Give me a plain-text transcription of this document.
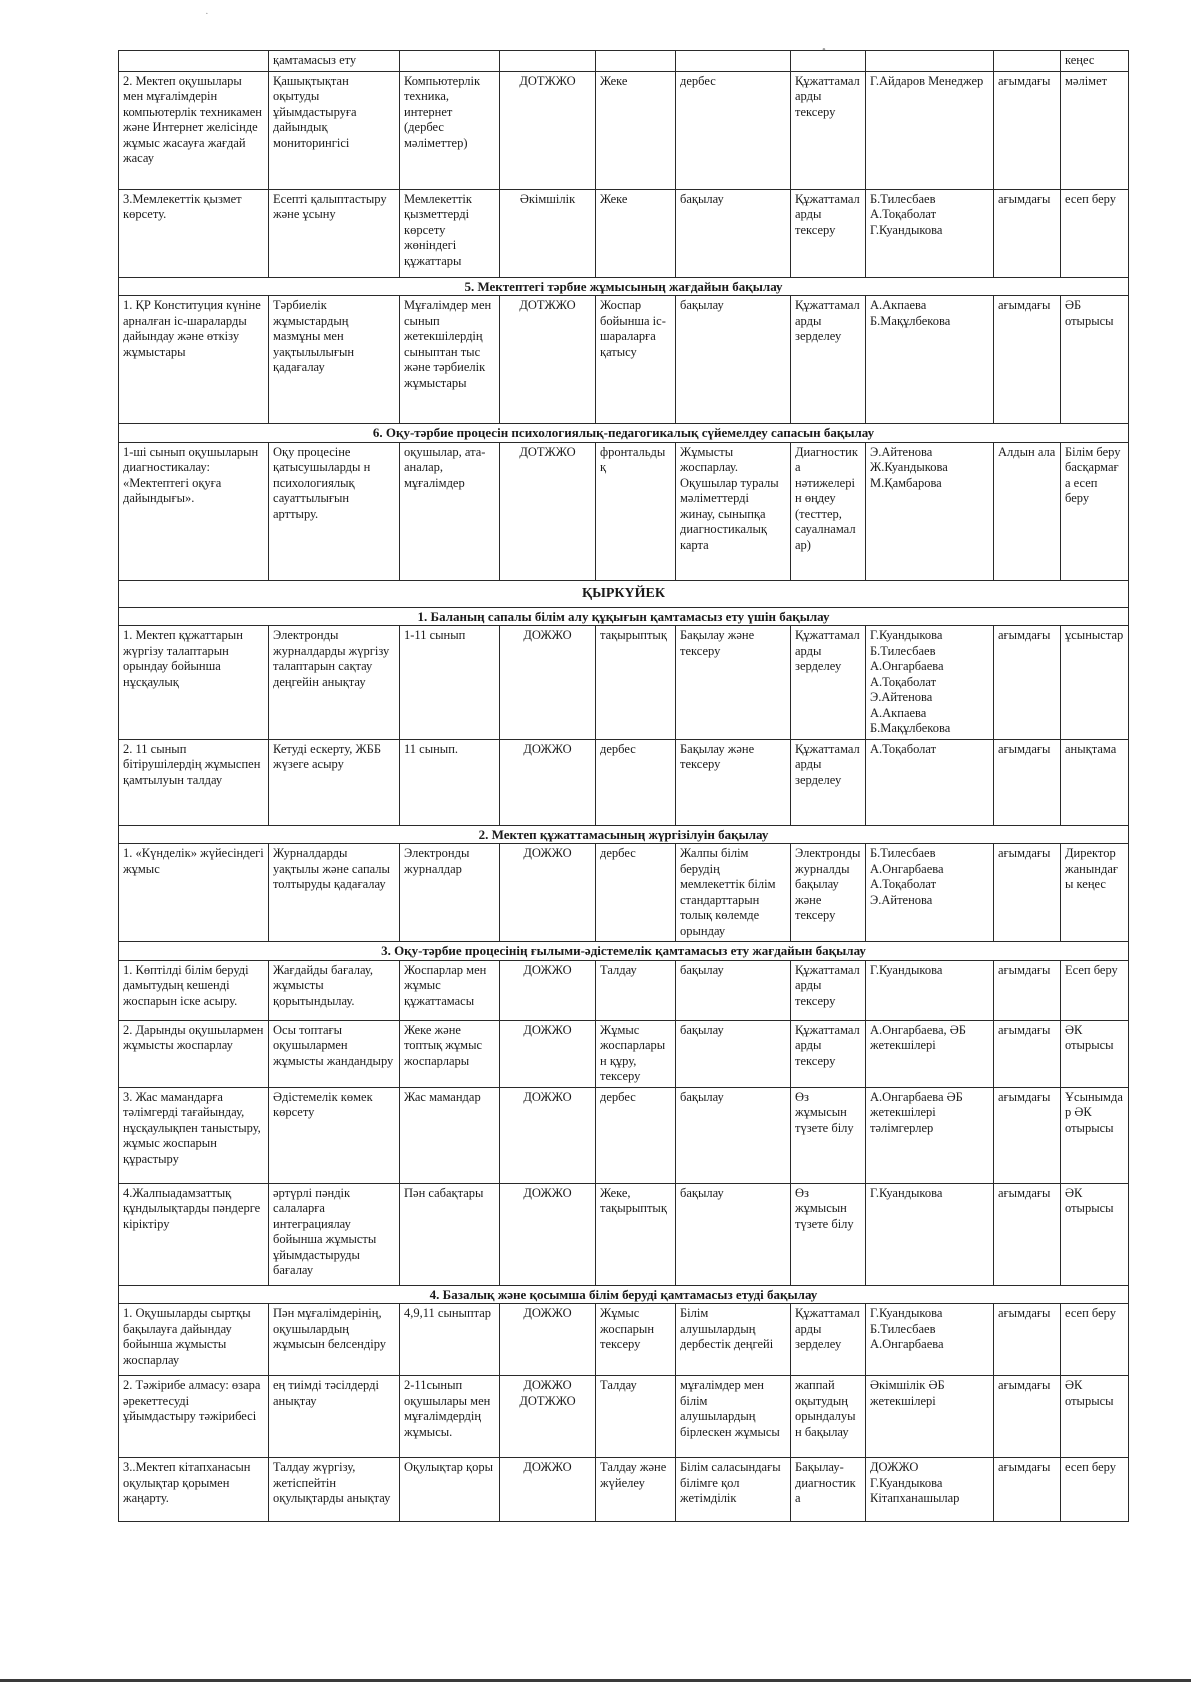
·
•
	қамтамасыз ету								кеңес
2. Мектеп оқушылары мен мұғалімдерін компьютерлік техникамен және Интернет желісінде жұмыс жасауға жағдай жасау	Қашықтықтан оқытуды ұйымдастыруға дайындық мониторингісі	Компьютерлік техника, интернет (дербес мәліметтер)	ДОТЖЖО	Жеке	дербес	Құжаттамаларды тексеру	Г.Айдаров Менеджер	ағымдағы	мәлімет
3.Мемлекеттік қызмет көрсету.	Есепті қалыптастыру және ұсыну	Мемлекеттік қызметтерді көрсету жөніндегі құжаттары	Әкімшілік	Жеке	бақылау	Құжаттамаларды тексеру	Б.Тилесбаев А.Тоқаболат Г.Куандыкова	ағымдағы	есеп беру
5. Мектептегі тәрбие жұмысының жағдайын бақылау									
1. ҚР Конституция күніне арналған іс-шараларды дайындау және өткізу жұмыстары	Тәрбиелік жұмыстардың мазмұны мен уақтылылығын қадағалау	Мұғалімдер мен сынып жетекшілердің сыныптан тыс және тәрбиелік жұмыстары	ДОТЖЖО	Жоспар бойынша іс-шараларға қатысу	бақылау	Құжаттамаларды зерделеу	А.Акпаева Б.Мақұлбекова	ағымдағы	ӘБ отырысы
6. Оқу-тәрбие процесін психологиялық-педагогикалық сүйемелдеу сапасын бақылау									
1-ші сынып оқушыларын диагностикалау: «Мектептегі оқуға дайындығы».	Оқу процесіне қатысушыларды н психологиялық сауаттылығын арттыру.	оқушылар, ата-аналар, мұғалімдер	ДОТЖЖО	фронтальдық	Жұмысты жоспарлау. Оқушылар туралы мәліметтерді жинау, сыныпқа диагностикалық карта	Диагностика нәтижелерін өңдеу (тесттер, сауалнамалар)	Э.Айтенова Ж.Куандыкова М.Қамбарова	Алдын ала	Білім беру басқармаға есеп беру
ҚЫРКҮЙЕК									
1. Баланың сапалы білім алу құқығын қамтамасыз ету үшін бақылау									
1. Мектеп құжаттарын жүргізу талаптарын орындау бойынша нұсқаулық	Электронды журналдарды жүргізу талаптарын сақтау деңгейін анықтау	1-11 сынып	ДОЖЖО	тақырыптық	Бақылау және тексеру	Құжаттамаларды зерделеу	Г.Куандыкова Б.Тилесбаев А.Онгарбаева А.Тоқаболат Э.Айтенова А.Акпаева Б.Мақұлбекова	ағымдағы	ұсыныстар
2. 11 сынып бітірушілердің жұмыспен қамтылуын талдау	Кетуді ескерту, ЖББ жүзеге асыру	11 сынып.	ДОЖЖО	дербес	Бақылау және тексеру	Құжаттамаларды зерделеу	А.Тоқаболат	ағымдағы	анықтама
2. Мектеп құжаттамасының жүргізілуін бақылау									
1. «Күнделік» жүйесіндегі жұмыс	Журналдарды уақтылы және сапалы толтыруды қадағалау	Электронды журналдар	ДОЖЖО	дербес	Жалпы білім берудің мемлекеттік білім стандарттарын толық көлемде орындау	Электронды журналды бақылау және тексеру	Б.Тилесбаев А.Онгарбаева А.Тоқаболат Э.Айтенова	ағымдағы	Директор жанындағы кеңес
3. Оқу-тәрбие процесінің ғылыми-әдістемелік қамтамасыз ету жағдайын бақылау									
1. Көптілді білім беруді дамытудың кешенді жоспарын іске асыру.	Жағдайды бағалау, жұмысты қорытындылау.	Жоспарлар мен жұмыс құжаттамасы	ДОЖЖО	Талдау	бақылау	Құжаттамаларды тексеру	Г.Куандыкова	ағымдағы	Есеп беру
2. Дарынды оқушылармен жұмысты жоспарлау	Осы топтағы оқушылармен жұмысты жандандыру	Жеке және топтық жұмыс жоспарлары	ДОЖЖО	Жұмыс жоспарларын құру, тексеру	бақылау	Құжаттамаларды тексеру	А.Онгарбаева, ӘБ жетекшілері	ағымдағы	ӘК отырысы
3. Жас мамандарға тәлімгерді тағайындау, нұсқаулықпен таныстыру, жұмыс жоспарын құрастыру	Әдістемелік көмек көрсету	Жас мамандар	ДОЖЖО	дербес	бақылау	Өз жұмысын түзете білу	А.Онгарбаева ӘБ жетекшілері тәлімгерлер	ағымдағы	Ұсынымдар ӘК отырысы
4.Жалпыадамзаттық құндылықтарды пәндерге кіріктіру	әртүрлі пәндік салаларға интеграциялау бойынша жұмысты ұйымдастыруды бағалау	Пән сабақтары	ДОЖЖО	Жеке, тақырыптық	бақылау	Өз жұмысын түзете білу	Г.Куандыкова	ағымдағы	ӘК отырысы
4. Базалық және қосымша білім беруді қамтамасыз етуді бақылау									
1. Оқушыларды сыртқы бақылауға дайындау бойынша жұмысты жоспарлау	Пән мұғалімдерінің, оқушылардың жұмысын белсендіру	4,9,11 сыныптар	ДОЖЖО	Жұмыс жоспарын тексеру	Білім алушылардың дербестік деңгейі	Құжаттамаларды зерделеу	Г.Куандыкова Б.Тилесбаев А.Онгарбаева	ағымдағы	есеп беру
2. Тәжірибе алмасу: өзара әрекеттесуді ұйымдастыру тәжірибесі	ең тиімді тәсілдерді анықтау	2-11сынып оқушылары мен мұғалімдердің жұмысы.	ДОЖЖО ДОТЖЖО	Талдау	мұғалімдер мен білім алушылардың бірлескен жұмысы	жаппай оқытудың орындалуын бақылау	Әкімшілік ӘБ жетекшілері	ағымдағы	ӘК отырысы
3..Мектеп кітапханасын оқулықтар қорымен жаңарту.	Талдау жүргізу, жетіспейтін оқулықтарды анықтау	Оқулықтар қоры	ДОЖЖО	Талдау және жүйелеу	Білім саласындағы білімге қол жетімділік	Бақылау-диагностика	ДОЖЖО Г.Куандыкова Кітапханашылар	ағымдағы	есеп беру
